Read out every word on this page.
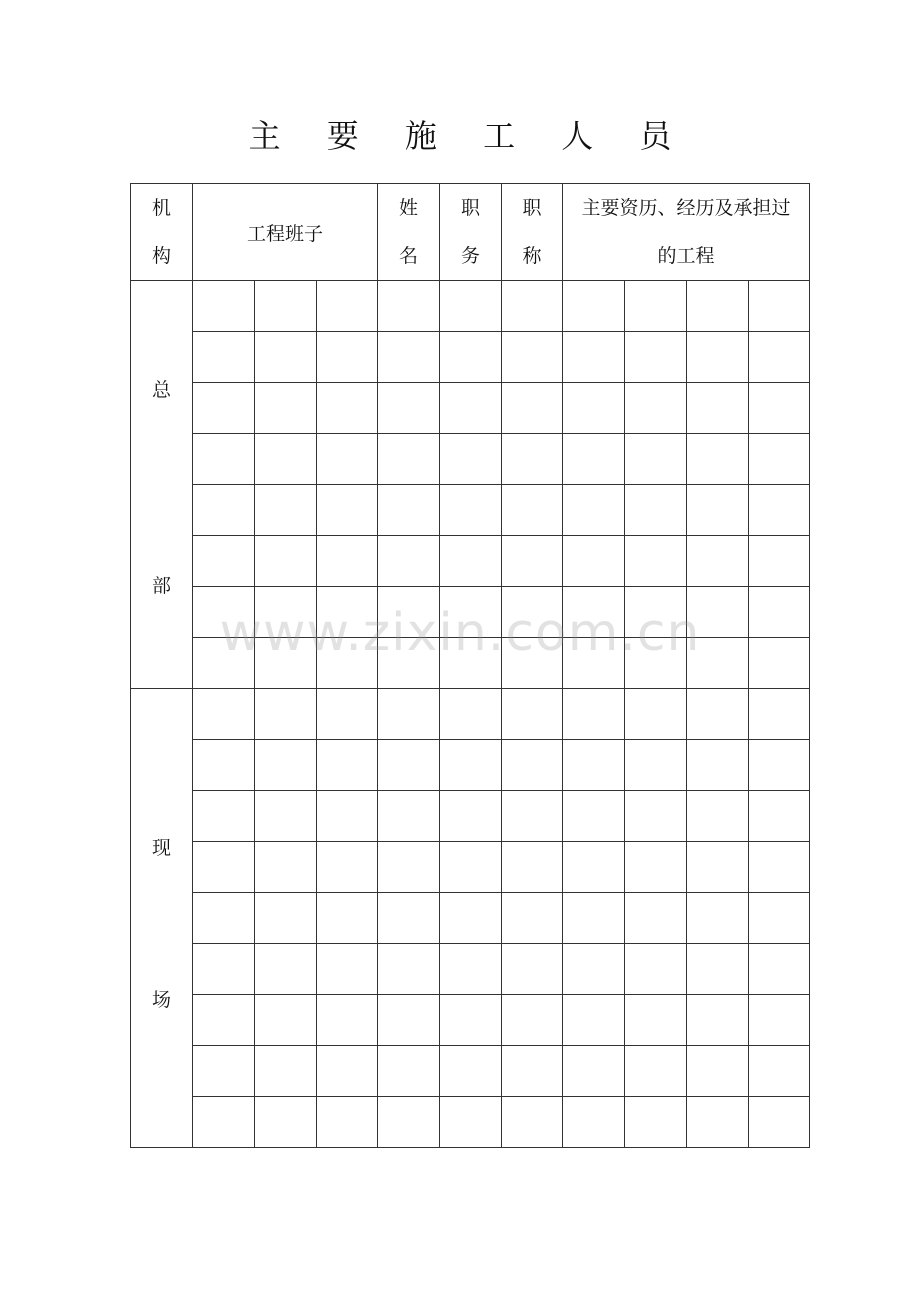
主 要 施 工 人 员
机构	工程班子			姓名	职务	职称	主要资历、经历及承担过的工程			

总
部										

现
场										

www.zixin.com.cn
